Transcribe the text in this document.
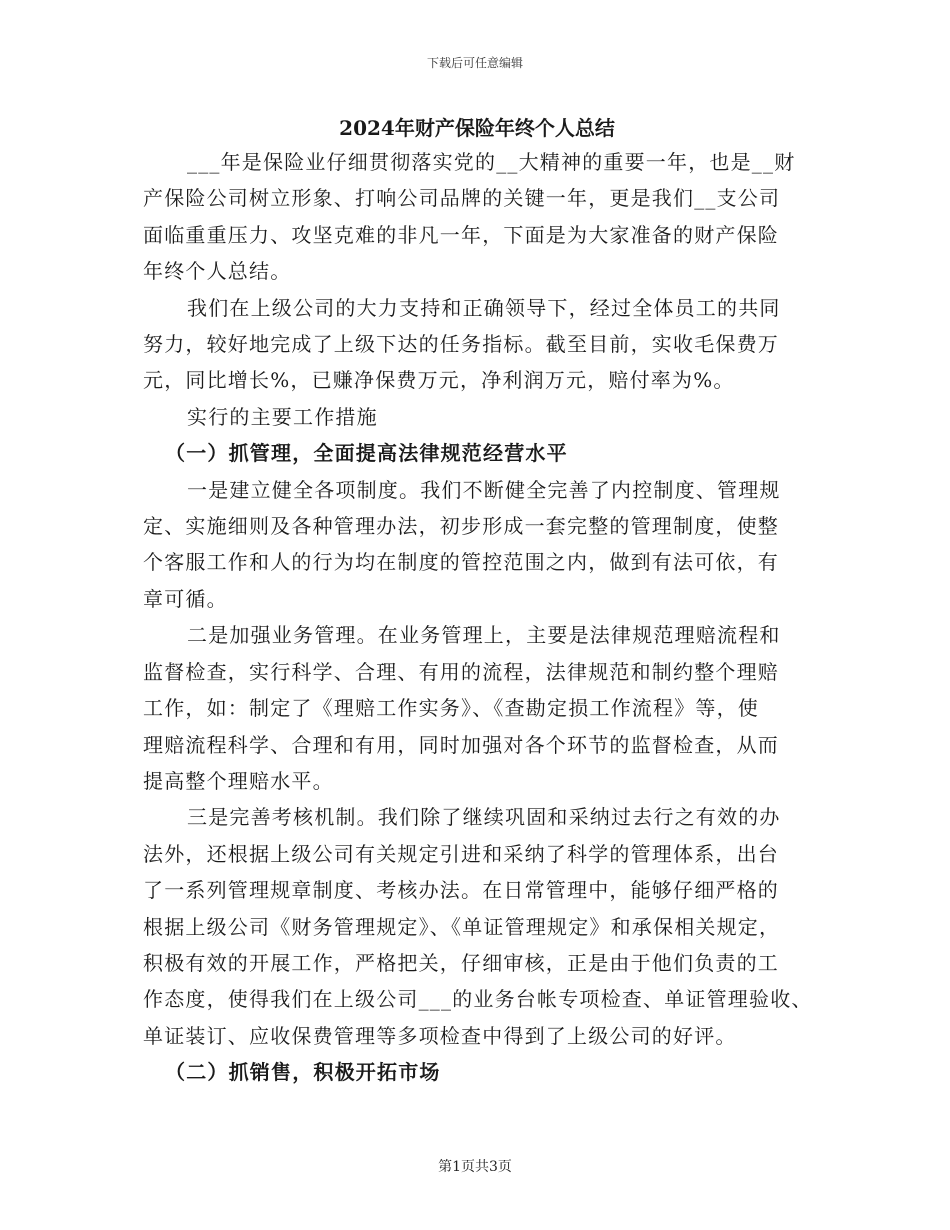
下载后可任意编辑
2024年财产保险年终个人总结
___年是保险业仔细贯彻落实党的__大精神的重要一年，也是__财
产保险公司树立形象、打响公司品牌的关键一年，更是我们__支公司
面临重重压力、攻坚克难的非凡一年，下面是为大家准备的财产保险
年终个人总结。
我们在上级公司的大力支持和正确领导下，经过全体员工的共同
努力，较好地完成了上级下达的任务指标。截至目前，实收毛保费万
元，同比增长%，已赚净保费万元，净利润万元，赔付率为%。
实行的主要工作措施
（一）抓管理，全面提高法律规范经营水平
一是建立健全各项制度。我们不断健全完善了内控制度、管理规
定、实施细则及各种管理办法，初步形成一套完整的管理制度，使整
个客服工作和人的行为均在制度的管控范围之内，做到有法可依，有
章可循。
二是加强业务管理。在业务管理上，主要是法律规范理赔流程和
监督检查，实行科学、合理、有用的流程，法律规范和制约整个理赔
工作，如：制定了《理赔工作实务》、《查勘定损工作流程》等，使
理赔流程科学、合理和有用，同时加强对各个环节的监督检查，从而
提高整个理赔水平。
三是完善考核机制。我们除了继续巩固和采纳过去行之有效的办
法外，还根据上级公司有关规定引进和采纳了科学的管理体系，出台
了一系列管理规章制度、考核办法。在日常管理中，能够仔细严格的
根据上级公司《财务管理规定》、《单证管理规定》和承保相关规定，
积极有效的开展工作，严格把关，仔细审核，正是由于他们负责的工
作态度，使得我们在上级公司___的业务台帐专项检查、单证管理验收、
单证装订、应收保费管理等多项检查中得到了上级公司的好评。
（二）抓销售，积极开拓市场
第1页共3页
